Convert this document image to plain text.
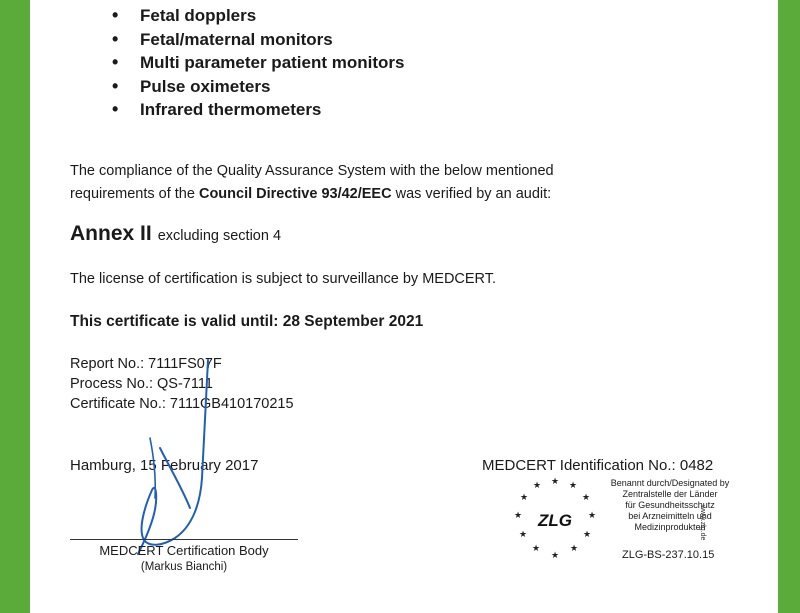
• Fetal dopplers
• Fetal/maternal monitors
• Multi parameter patient monitors
• Pulse oximeters
• Infrared thermometers
The compliance of the Quality Assurance System with the below mentioned
requirements of the Council Directive 93/42/EEC was verified by an audit:
Annex II excluding section 4
The license of certification is subject to surveillance by MEDCERT.
This certificate is valid until: 28 September 2021
Report No.: 7111FS07F
Process No.: QS-7111
Certificate No.: 7111GB410170215
Hamburg, 15 February 2017	MEDCERT Identification No.: 0482
MEDCERT Certification Body
(Markus Bianchi)
★ ★
★
★
★
★
★
★
★
★
★
★
ZLG
Benannt durch/Designated by
Zentralstelle der Länder
für Gesundheitsschutz
bei Arzneimitteln und
Medizinprodukten
www.zlg.de
ZLG-BS-237.10.15
